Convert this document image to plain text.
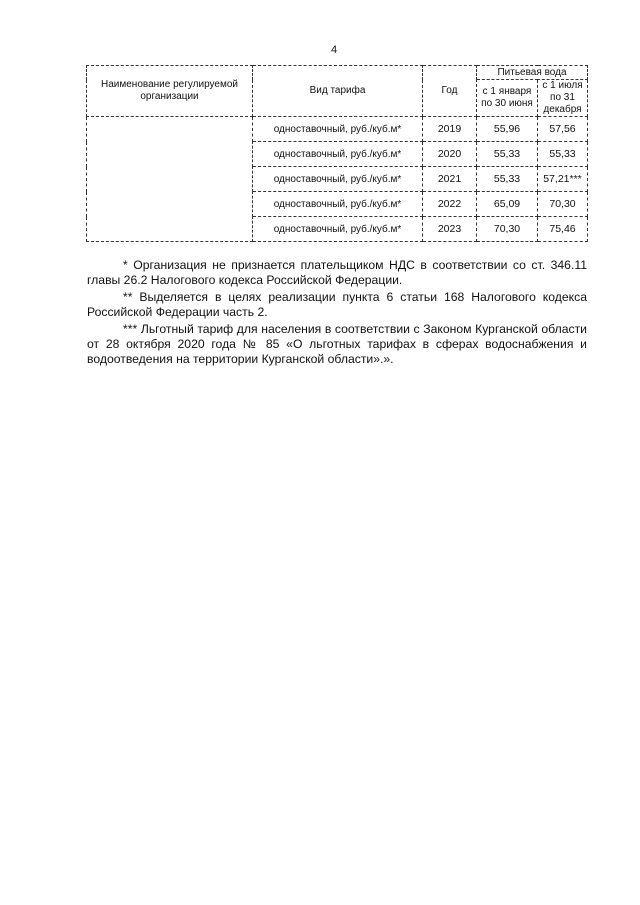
4
Наименование регулируемой организации	Вид тарифа	Год	Питьевая вода	
			с 1 января по 30 июня	с 1 июля по 31 декабря
	одноставочный, руб./куб.м*	2019	55,96	57,56
	одноставочный, руб./куб.м*	2020	55,33	55,33
	одноставочный, руб./куб.м*	2021	55,33	57,21***
	одноставочный, руб./куб.м*	2022	65,09	70,30
	одноставочный, руб./куб.м*	2023	70,30	75,46

* Организация не признается плательщиком НДС в соответствии со ст. 346.11 главы 26.2 Налогового кодекса Российской Федерации.

** Выделяется в целях реализации пункта 6 статьи 168 Налогового кодекса Российской Федерации часть 2.

*** Льготный тариф для населения в соответствии с Законом Курганской области от 28 октября 2020 года № 85 «О льготных тарифах в сферах водоснабжения и водоотведения на территории Курганской области».».
